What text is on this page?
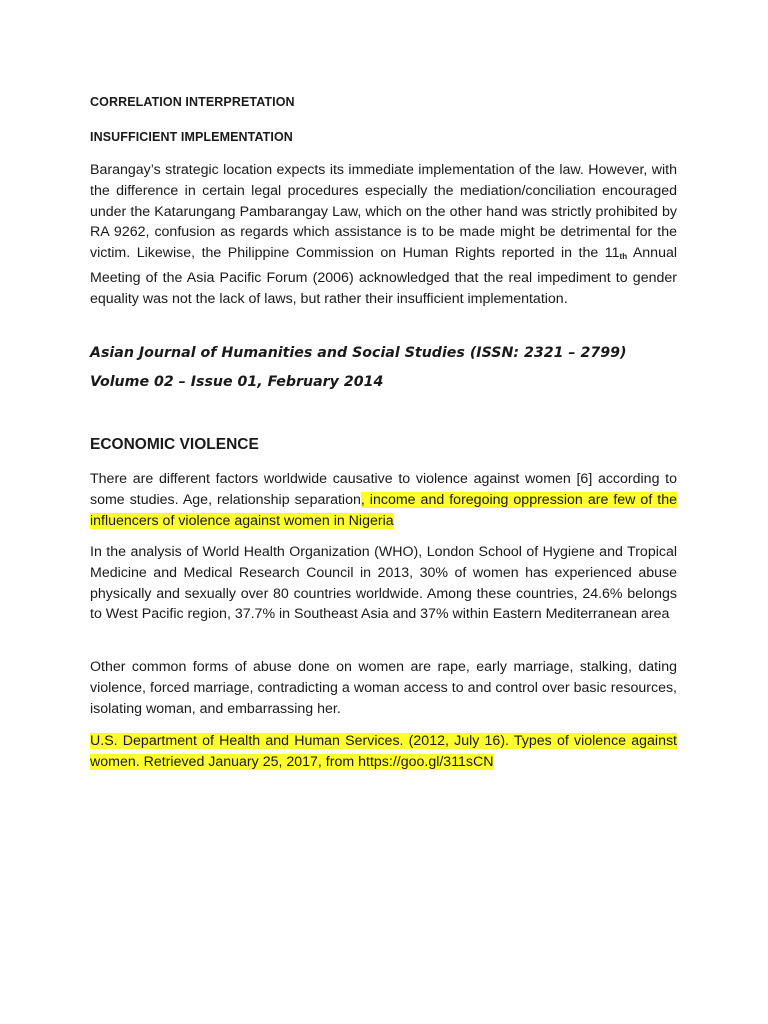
CORRELATION INTERPRETATION
INSUFFICIENT IMPLEMENTATION

Barangay’s strategic location expects its immediate implementation of the law. However, with the difference in certain legal procedures especially the mediation/conciliation encouraged under the Katarungang Pambarangay Law, which on the other hand was strictly prohibited by RA 9262, confusion as regards which assistance is to be made might be detrimental for the victim. Likewise, the Philippine Commission on Human Rights reported in the $11_{th}$ Annual Meeting of the Asia Pacific Forum (2006) acknowledged that the real impediment to gender equality was not the lack of laws, but rather their insufficient implementation.

Asian Journal of Humanities and Social Studies (ISSN: 2321 – 2799) Volume 02 – Issue 01, February 2014

ECONOMIC VIOLENCE

There are different factors worldwide causative to violence against women [6] according to some studies. Age, relationship separation, income and foregoing oppression are few of the influencers of violence against women in Nigeria

In the analysis of World Health Organization (WHO), London School of Hygiene and Tropical Medicine and Medical Research Council in 2013, 30% of women has experienced abuse physically and sexually over 80 countries worldwide. Among these countries, 24.6% belongs to West Pacific region, 37.7% in Southeast Asia and 37% within Eastern Mediterranean area

Other common forms of abuse done on women are rape, early marriage, stalking, dating violence, forced marriage, contradicting a woman access to and control over basic resources, isolating woman, and embarrassing her.

U.S. Department of Health and Human Services. (2012, July 16). Types of violence against women. Retrieved January 25, 2017, from https://goo.gl/311sCN
